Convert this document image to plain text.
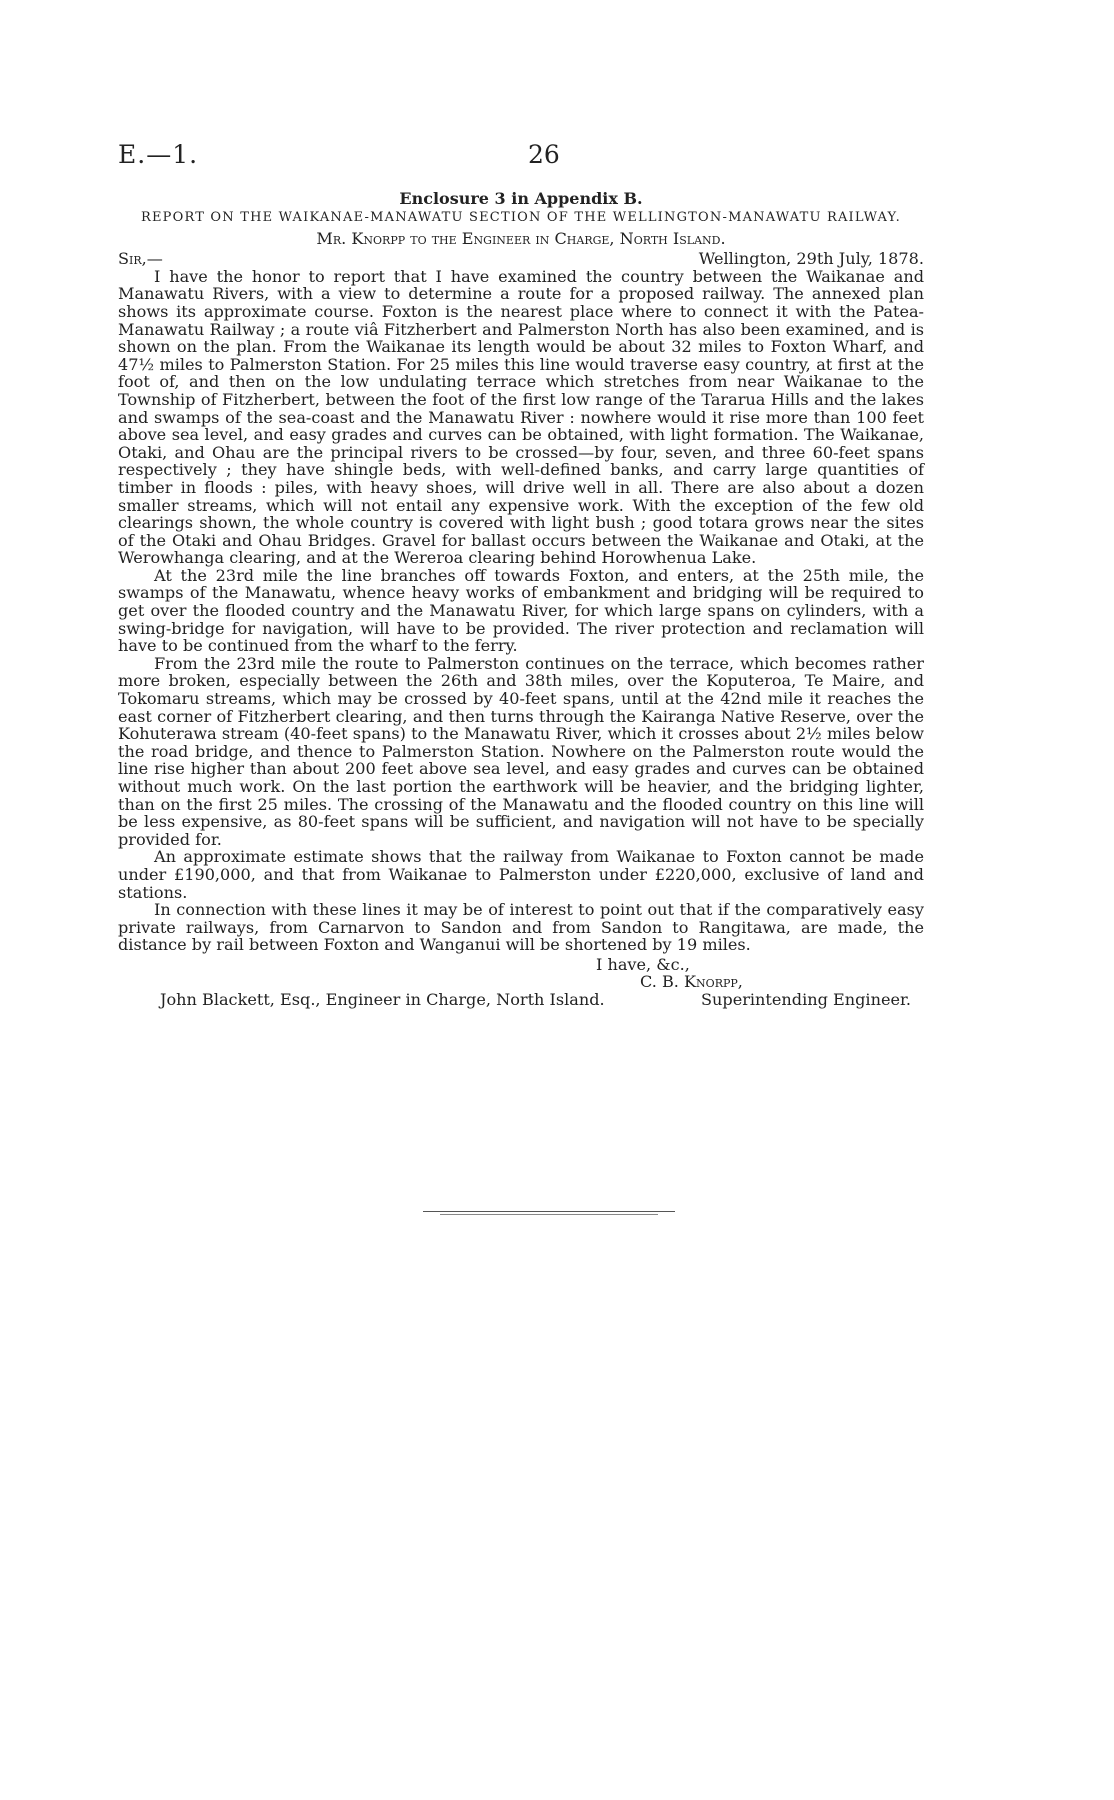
E.—1.	26
Enclosure 3 in Appendix B.
REPORT ON THE WAIKANAE-MANAWATU SECTION OF THE WELLINGTON-MANAWATU RAILWAY.
Mr. Knorpp to the Engineer in Charge, North Island.
Sir,—	Wellington, 29th July, 1878.

I have the honor to report that I have examined the country between the Waikanae and Manawatu Rivers, with a view to determine a route for a proposed railway. The annexed plan shows its approximate course. Foxton is the nearest place where to connect it with the Patea-Manawatu Railway ; a route viâ Fitzherbert and Palmerston North has also been examined, and is shown on the plan. From the Waikanae its length would be about 32 miles to Foxton Wharf, and 47½ miles to Palmerston Station. For 25 miles this line would traverse easy country, at first at the foot of, and then on the low undulating terrace which stretches from near Waikanae to the Township of Fitzherbert, between the foot of the first low range of the Tararua Hills and the lakes and swamps of the sea-coast and the Manawatu River : nowhere would it rise more than 100 feet above sea level, and easy grades and curves can be obtained, with light formation. The Waikanae, Otaki, and Ohau are the principal rivers to be crossed—by four, seven, and three 60-feet spans respectively ; they have shingle beds, with well-defined banks, and carry large quantities of timber in floods : piles, with heavy shoes, will drive well in all. There are also about a dozen smaller streams, which will not entail any expensive work. With the exception of the few old clearings shown, the whole country is covered with light bush ; good totara grows near the sites of the Otaki and Ohau Bridges. Gravel for ballast occurs between the Waikanae and Otaki, at the Werowhanga clearing, and at the Wereroa clearing behind Horowhenua Lake.

At the 23rd mile the line branches off towards Foxton, and enters, at the 25th mile, the swamps of the Manawatu, whence heavy works of embankment and bridging will be required to get over the flooded country and the Manawatu River, for which large spans on cylinders, with a swing-bridge for navigation, will have to be provided. The river protection and reclamation will have to be continued from the wharf to the ferry.

From the 23rd mile the route to Palmerston continues on the terrace, which becomes rather more broken, especially between the 26th and 38th miles, over the Koputeroa, Te Maire, and Tokomaru streams, which may be crossed by 40-feet spans, until at the 42nd mile it reaches the east corner of Fitzherbert clearing, and then turns through the Kairanga Native Reserve, over the Kohuterawa stream (40-feet spans) to the Manawatu River, which it crosses about 2½ miles below the road bridge, and thence to Palmerston Station. Nowhere on the Palmerston route would the line rise higher than about 200 feet above sea level, and easy grades and curves can be obtained without much work. On the last portion the earthwork will be heavier, and the bridging lighter, than on the first 25 miles. The crossing of the Manawatu and the flooded country on this line will be less expensive, as 80-feet spans will be sufficient, and navigation will not have to be specially provided for.

An approximate estimate shows that the railway from Waikanae to Foxton cannot be made under £190,000, and that from Waikanae to Palmerston under £220,000, exclusive of land and stations.

In connection with these lines it may be of interest to point out that if the comparatively easy private railways, from Carnarvon to Sandon and from Sandon to Rangitawa, are made, the distance by rail between Foxton and Wanganui will be shortened by 19 miles.

I have, &c.,
C. B. Knorpp,
John Blackett, Esq., Engineer in Charge, North Island.	Superintending Engineer.
